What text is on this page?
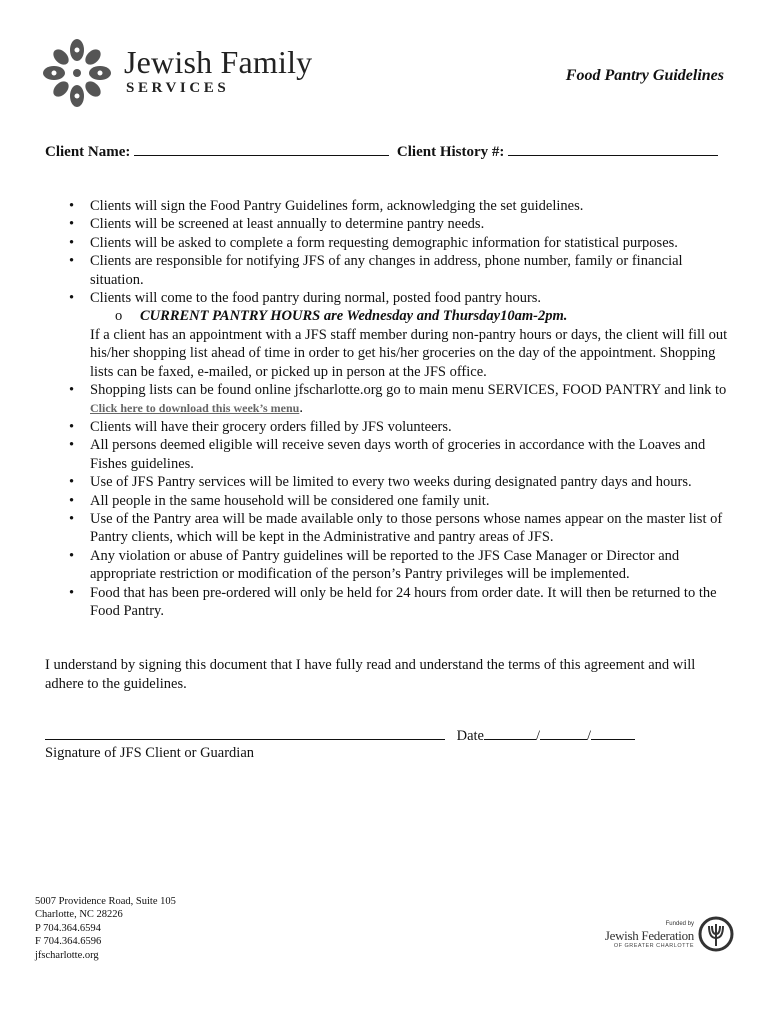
Jewish Family
SERVICES
Food Pantry Guidelines
Client Name:	Client History #:
• Clients will sign the Food Pantry Guidelines form, acknowledging the set guidelines.
• Clients will be screened at least annually to determine pantry needs.
• Clients will be asked to complete a form requesting demographic information for statistical purposes.
• Clients are responsible for notifying JFS of any changes in address, phone number, family or financial situation.
• Clients will come to the food pantry during normal, posted food pantry hours.
o CURRENT PANTRY HOURS are Wednesday and Thursday10am-2pm.
If a client has an appointment with a JFS staff member during non-pantry hours or days, the client will fill out his/her shopping list ahead of time in order to get his/her groceries on the day of the appointment. Shopping lists can be faxed, e-mailed, or picked up in person at the JFS office.
• Shopping lists can be found online jfscharlotte.org go to main menu SERVICES, FOOD PANTRY and link to Click here to download this week’s menu.
• Clients will have their grocery orders filled by JFS volunteers.
• All persons deemed eligible will receive seven days worth of groceries in accordance with the Loaves and Fishes guidelines.
• Use of JFS Pantry services will be limited to every two weeks during designated pantry days and hours.
• All people in the same household will be considered one family unit.
• Use of the Pantry area will be made available only to those persons whose names appear on the master list of Pantry clients, which will be kept in the Administrative and pantry areas of JFS.
• Any violation or abuse of Pantry guidelines will be reported to the JFS Case Manager or Director and appropriate restriction or modification of the person’s Pantry privileges will be implemented.
• Food that has been pre-ordered will only be held for 24 hours from order date. It will then be returned to the Food Pantry.
I understand by signing this document that I have fully read and understand the terms of this agreement and will adhere to the guidelines.
Date	/	/
Signature of JFS Client or Guardian
5007 Providence Road, Suite 105
Charlotte, NC 28226
P 704.364.6594
F 704.364.6596
jfscharlotte.org
Funded by
Jewish Federation
OF GREATER CHARLOTTE
